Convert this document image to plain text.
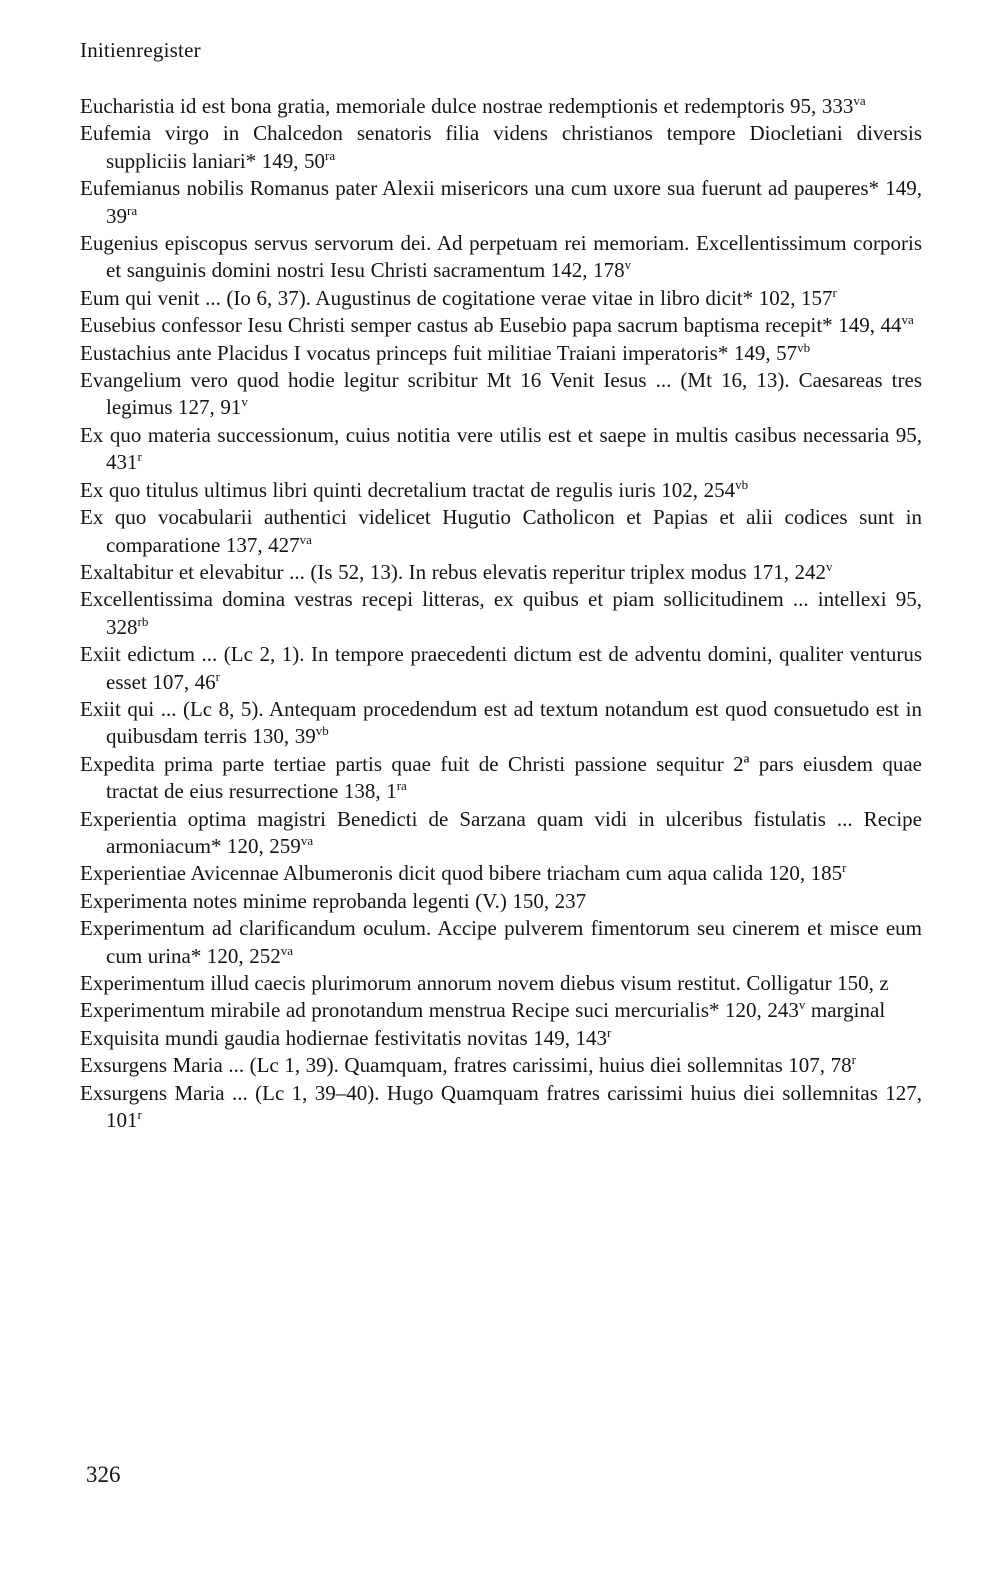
Initienregister
Eucharistia id est bona gratia, memoriale dulce nostrae redemptionis et redemptoris 95, $333^{va}$
Eufemia virgo in Chalcedon senatoris filia videns christianos tempore Diocletiani diversis suppliciis laniari* 149, $50^{ra}$
Eufemianus nobilis Romanus pater Alexii misericors una cum uxore sua fuerunt ad pauperes* 149, $39^{ra}$
Eugenius episcopus servus servorum dei. Ad perpetuam rei memoriam. Excellentissimum corporis et sanguinis domini nostri Iesu Christi sacramentum 142, 178$^v$
Eum qui venit ... (Io 6, 37). Augustinus de cogitatione verae vitae in libro dicit* 102, 157$^r$
Eusebius confessor Iesu Christi semper castus ab Eusebio papa sacrum baptisma recepit* 149, $44^{va}$
Eustachius ante Placidus I vocatus princeps fuit militiae Traiani imperatoris* 149, $57^{vb}$
Evangelium vero quod hodie legitur scribitur Mt 16 Venit Iesus ... (Mt 16, 13). Caesareas tres legimus 127, 91$^v$
Ex quo materia successionum, cuius notitia vere utilis est et saepe in multis casibus necessaria 95, 431$^r$
Ex quo titulus ultimus libri quinti decretalium tractat de regulis iuris 102, $254^{vb}$
Ex quo vocabularii authentici videlicet Hugutio Catholicon et Papias et alii codices sunt in comparatione 137, $427^{va}$
Exaltabitur et elevabitur ... (Is 52, 13). In rebus elevatis reperitur triplex modus 171, 242$^v$
Excellentissima domina vestras recepi litteras, ex quibus et piam sollicitudinem ... intellexi 95, $328^{rb}$
Exiit edictum ... (Lc 2, 1). In tempore praecedenti dictum est de adventu domini, qualiter venturus esset 107, 46$^r$
Exiit qui ... (Lc 8, 5). Antequam procedendum est ad textum notandum est quod consuetudo est in quibusdam terris 130, $39^{vb}$
Expedita prima parte tertiae partis quae fuit de Christi passione sequitur 2ª pars eiusdem quae tractat de eius resurrectione 138, $1^{ra}$
Experientia optima magistri Benedicti de Sarzana quam vidi in ulceribus fistulatis ... Recipe armoniacum* 120, $259^{va}$
Experientiae Avicennae Albumeronis dicit quod bibere triacham cum aqua calida 120, 185$^r$
Experimenta notes minime reprobanda legenti (V.) 150, 237
Experimentum ad clarificandum oculum. Accipe pulverem fimentorum seu cinerem et misce eum cum urina* 120, $252^{va}$
Experimentum illud caecis plurimorum annorum novem diebus visum restitut. Colligatur 150, z
Experimentum mirabile ad pronotandum menstrua Recipe suci mercurialis* 120, 243$^v$ marginal
Exquisita mundi gaudia hodiernae festivitatis novitas 149, 143$^r$
Exsurgens Maria ... (Lc 1, 39). Quamquam, fratres carissimi, huius diei sollemnitas 107, 78$^r$
Exsurgens Maria ... (Lc 1, 39–40). Hugo Quamquam fratres carissimi huius diei sollemnitas 127, 101$^r$
326
